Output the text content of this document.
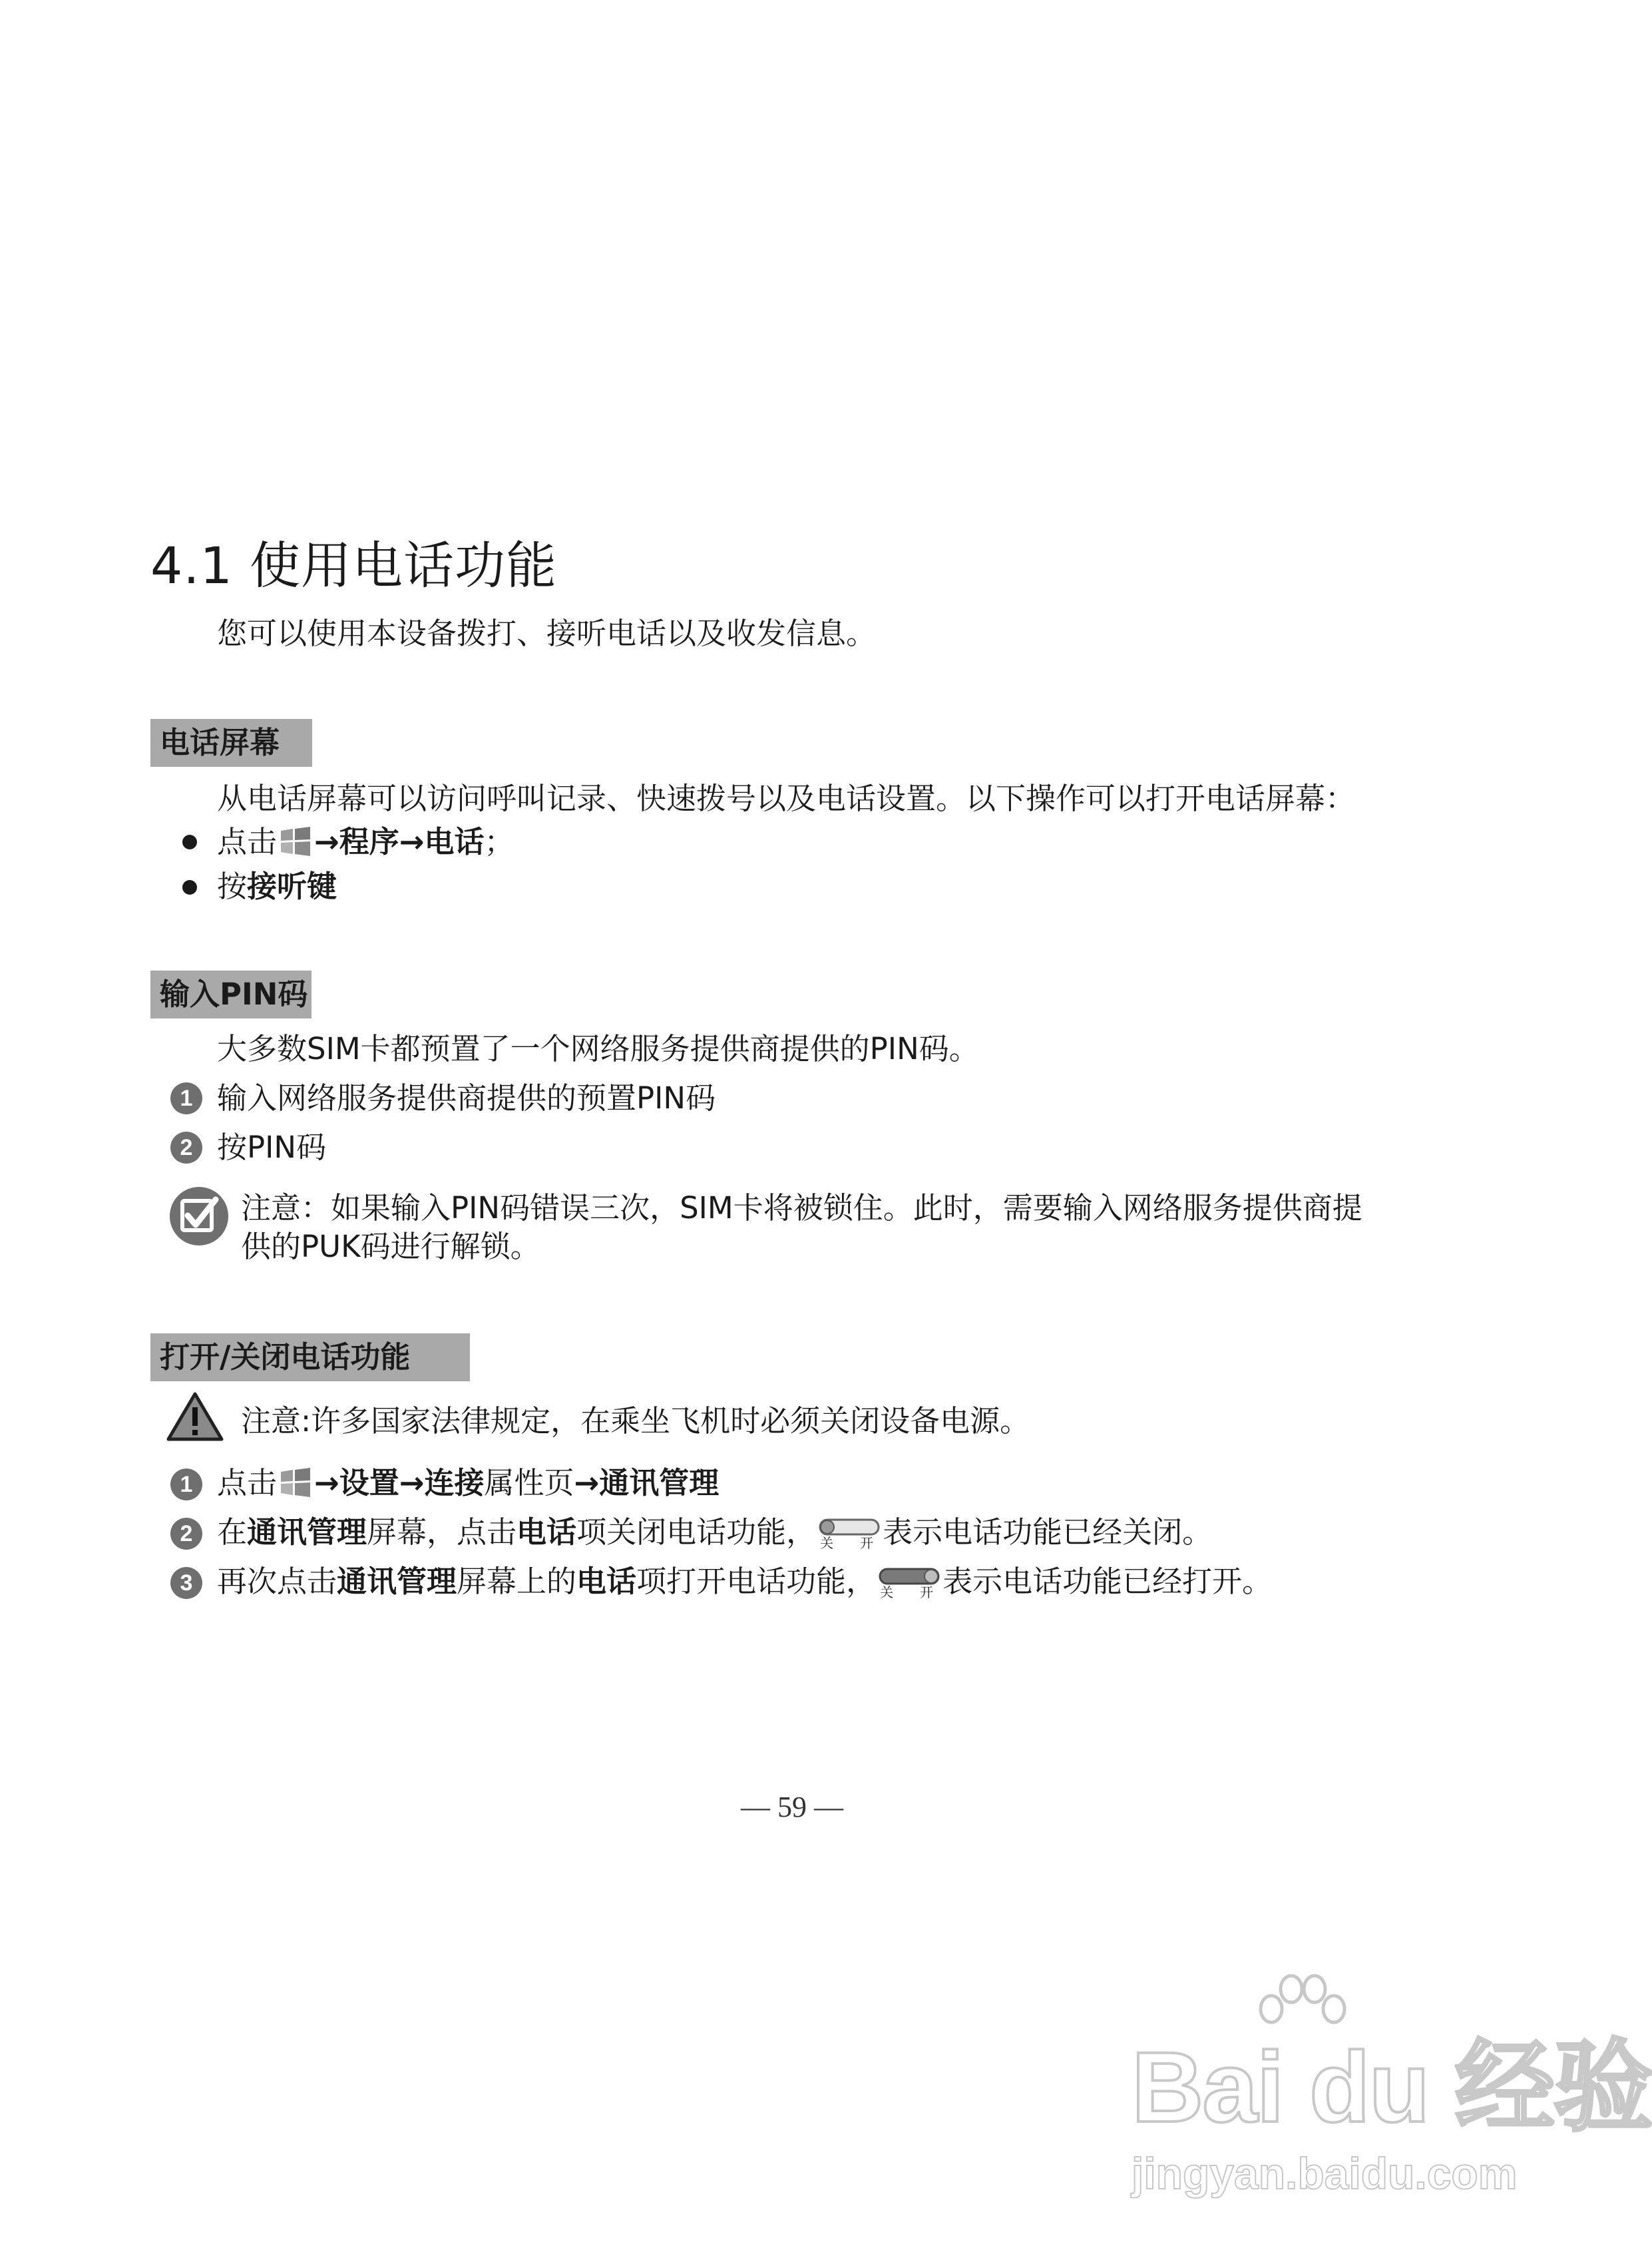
4.1 使用电话功能
您可以使用本设备拨打、接听电话以及收发信息。
电话屏幕
从电话屏幕可以访问呼叫记录、快速拨号以及电话设置。以下操作可以打开电话屏幕：
点击 →程序→电话；
按接听键
输入PIN码
大多数SIM卡都预置了一个网络服务提供商提供的PIN码。
1 输入网络服务提供商提供的预置PIN码
2 按PIN码
注意：如果输入PIN码错误三次，SIM卡将被锁住。此时，需要输入网络服务提供商提
供的PUK码进行解锁。
打开/关闭电话功能
注意:许多国家法律规定，在乘坐飞机时必须关闭设备电源。
1 点击 →设置→连接属性页→通讯管理
2 在通讯管理屏幕，点击电话项关闭电话功能， 关 开 表示电话功能已经关闭。
3 再次点击通讯管理屏幕上的电话项打开电话功能， 关 开 表示电话功能已经打开。
— 59 —
Bai du 经验
jingyan.baidu.com
